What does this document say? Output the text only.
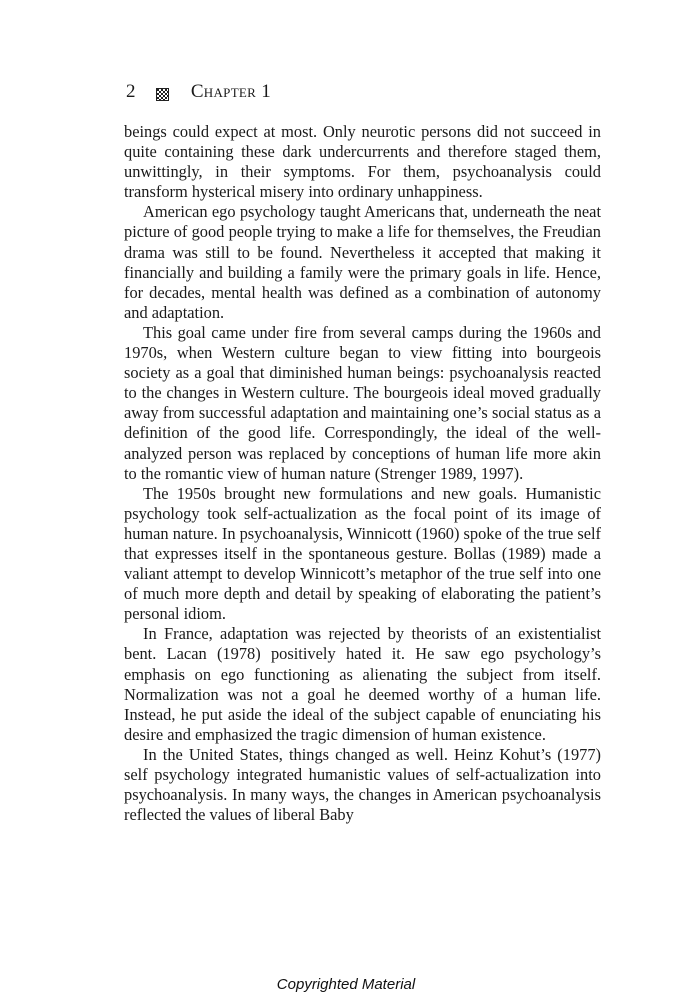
2	Chapter 1

beings could expect at most. Only neurotic persons did not succeed in quite containing these dark undercurrents and therefore staged them, unwittingly, in their symptoms. For them, psychoanalysis could transform hysterical misery into ordinary unhappiness.

American ego psychology taught Americans that, underneath the neat picture of good people trying to make a life for themselves, the Freudian drama was still to be found. Nevertheless it accepted that making it financially and building a family were the primary goals in life. Hence, for decades, mental health was defined as a combination of autonomy and adaptation.

This goal came under fire from several camps during the 1960s and 1970s, when Western culture began to view fitting into bourgeois society as a goal that diminished human beings: psychoanalysis reacted to the changes in Western culture. The bourgeois ideal moved gradually away from successful adaptation and maintaining one’s social status as a definition of the good life. Correspondingly, the ideal of the well-analyzed person was replaced by conceptions of human life more akin to the romantic view of human nature (Strenger 1989, 1997).

The 1950s brought new formulations and new goals. Humanistic psychology took self-actualization as the focal point of its image of human nature. In psychoanalysis, Winnicott (1960) spoke of the true self that expresses itself in the spontaneous gesture. Bollas (1989) made a valiant attempt to develop Winnicott’s metaphor of the true self into one of much more depth and detail by speaking of elaborating the patient’s personal idiom.

In France, adaptation was rejected by theorists of an existentialist bent. Lacan (1978) positively hated it. He saw ego psychology’s emphasis on ego functioning as alienating the subject from itself. Normalization was not a goal he deemed worthy of a human life. Instead, he put aside the ideal of the subject capable of enunciating his desire and emphasized the tragic dimension of human existence.

In the United States, things changed as well. Heinz Kohut’s (1977) self psychology integrated humanistic values of self-actualization into psychoanalysis. In many ways, the changes in American psychoanalysis reflected the values of liberal Baby

Copyrighted Material
